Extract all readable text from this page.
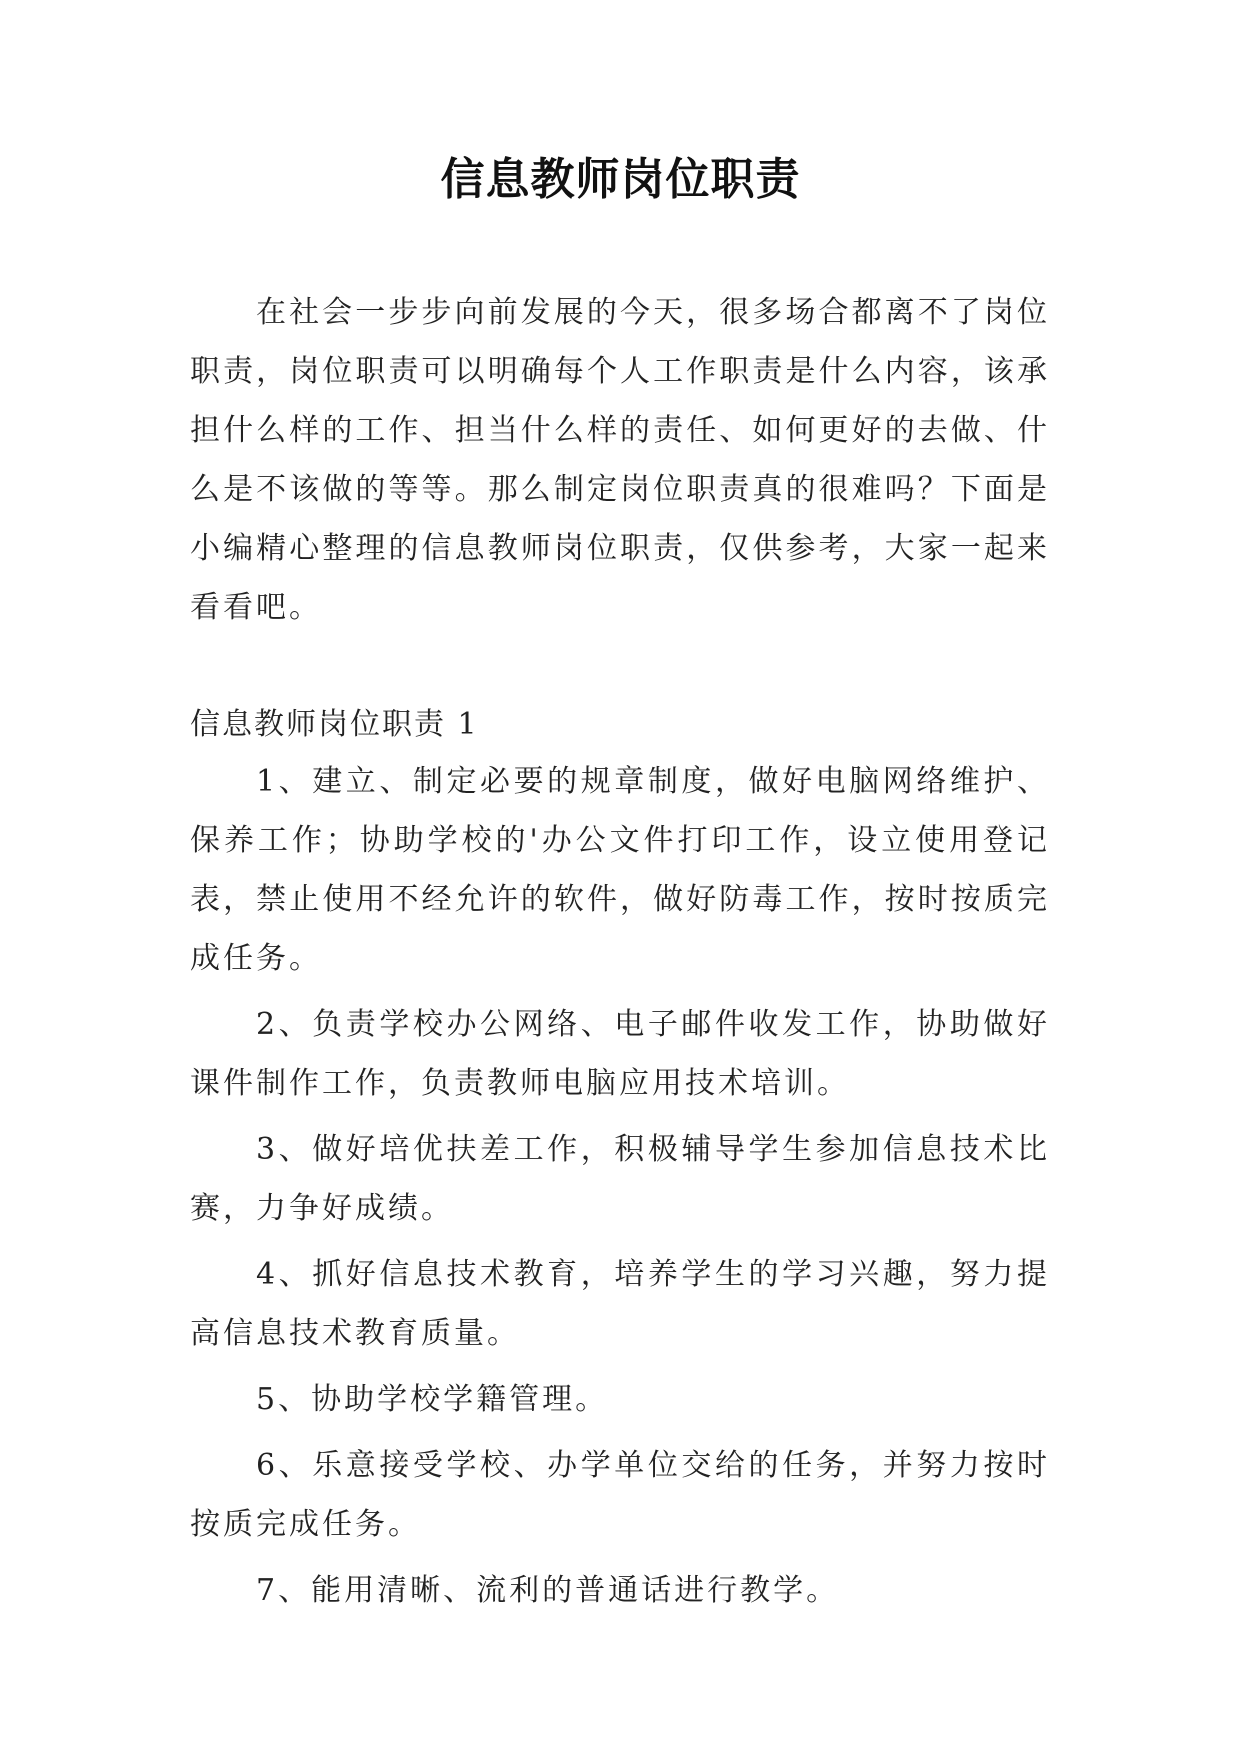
信息教师岗位职责

在社会一步步向前发展的今天，很多场合都离不了岗位职责，岗位职责可以明确每个人工作职责是什么内容，该承担什么样的工作、担当什么样的责任、如何更好的去做、什么是不该做的等等。那么制定岗位职责真的很难吗？下面是小编精心整理的信息教师岗位职责，仅供参考，大家一起来看看吧。

信息教师岗位职责 1
1、建立、制定必要的规章制度，做好电脑网络维护、保养工作；协助学校的'办公文件打印工作，设立使用登记表，禁止使用不经允许的软件，做好防毒工作，按时按质完成任务。
2、负责学校办公网络、电子邮件收发工作，协助做好课件制作工作，负责教师电脑应用技术培训。
3、做好培优扶差工作，积极辅导学生参加信息技术比赛，力争好成绩。
4、抓好信息技术教育，培养学生的学习兴趣，努力提高信息技术教育质量。
5、协助学校学籍管理。
6、乐意接受学校、办学单位交给的任务，并努力按时按质完成任务。
7、能用清晰、流利的普通话进行教学。
